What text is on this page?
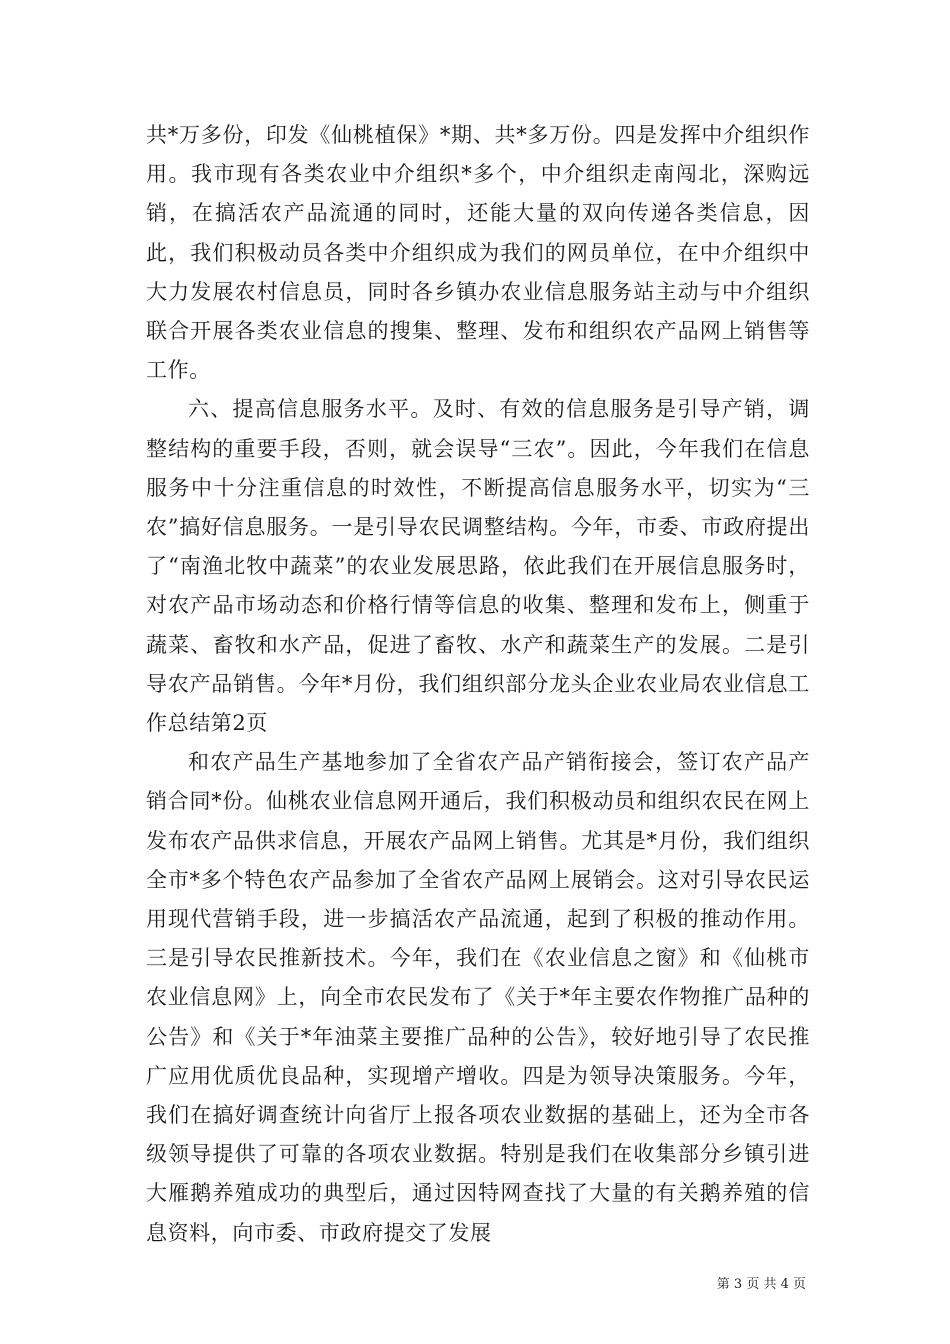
共*万多份，印发《仙桃植保》*期、共*多万份。四是发挥中介组织作用。我市现有各类农业中介组织*多个，中介组织走南闯北，深购远销，在搞活农产品流通的同时，还能大量的双向传递各类信息，因此，我们积极动员各类中介组织成为我们的网员单位，在中介组织中大力发展农村信息员，同时各乡镇办农业信息服务站主动与中介组织联合开展各类农业信息的搜集、整理、发布和组织农产品网上销售等工作。

六、提高信息服务水平。及时、有效的信息服务是引导产销，调整结构的重要手段，否则，就会误导“三农”。因此，今年我们在信息服务中十分注重信息的时效性，不断提高信息服务水平，切实为“三农”搞好信息服务。一是引导农民调整结构。今年，市委、市政府提出了“南渔北牧中蔬菜”的农业发展思路，依此我们在开展信息服务时，对农产品市场动态和价格行情等信息的收集、整理和发布上，侧重于蔬菜、畜牧和水产品，促进了畜牧、水产和蔬菜生产的发展。二是引导农产品销售。今年*月份，我们组织部分龙头企业农业局农业信息工作总结第2页

和农产品生产基地参加了全省农产品产销衔接会，签订农产品产销合同*份。仙桃农业信息网开通后，我们积极动员和组织农民在网上发布农产品供求信息，开展农产品网上销售。尤其是*月份，我们组织全市*多个特色农产品参加了全省农产品网上展销会。这对引导农民运用现代营销手段，进一步搞活农产品流通，起到了积极的推动作用。三是引导农民推新技术。今年，我们在《农业信息之窗》和《仙桃市农业信息网》上，向全市农民发布了《关于*年主要农作物推广品种的公告》和《关于*年油菜主要推广品种的公告》，较好地引导了农民推广应用优质优良品种，实现增产增收。四是为领导决策服务。今年，我们在搞好调查统计向省厅上报各项农业数据的基础上，还为全市各级领导提供了可靠的各项农业数据。特别是我们在收集部分乡镇引进大雁鹅养殖成功的典型后，通过因特网查找了大量的有关鹅养殖的信息资料，向市委、市政府提交了发展

第 3 页 共 4 页
